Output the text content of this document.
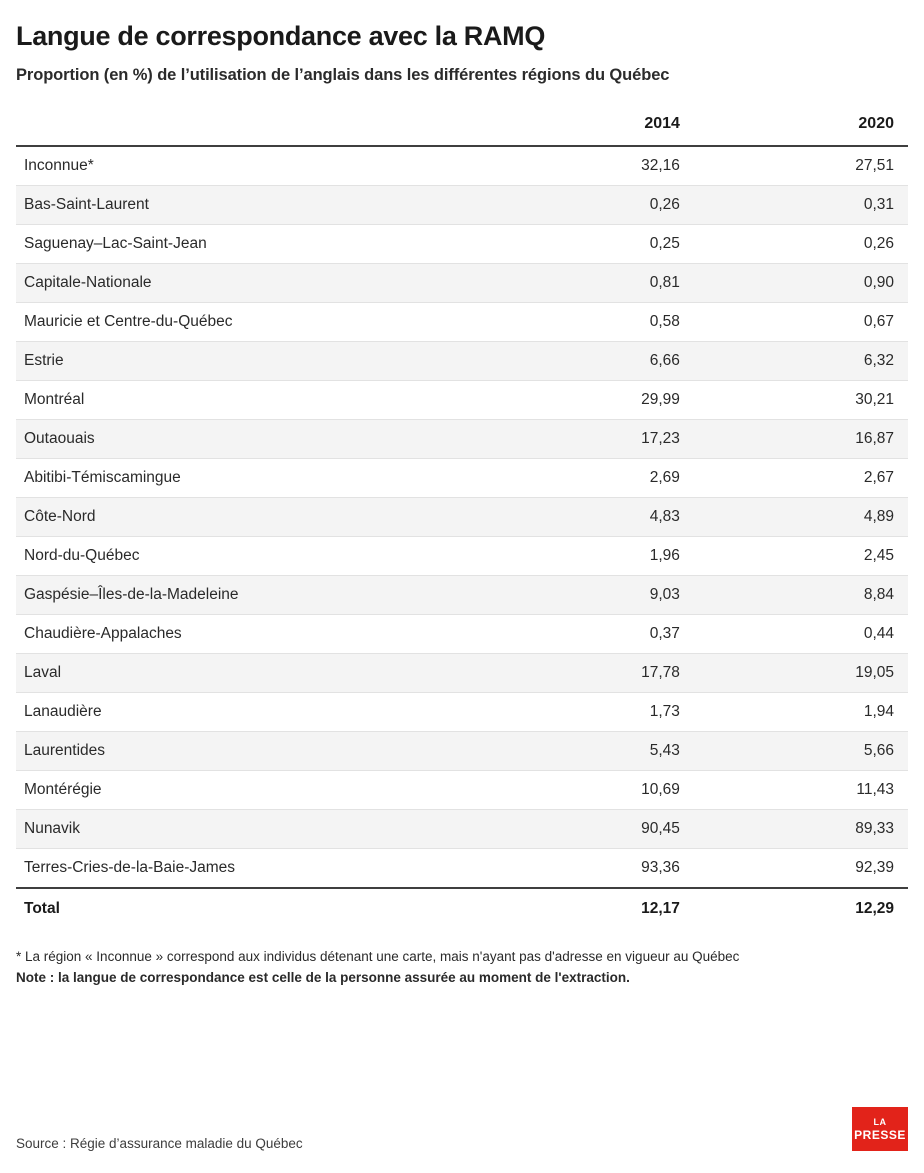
Langue de correspondance avec la RAMQ
Proportion (en %) de l’utilisation de l’anglais dans les différentes régions du Québec
	2014	2020
Inconnue*	32,16	27,51
Bas-Saint-Laurent	0,26	0,31
Saguenay–Lac-Saint-Jean	0,25	0,26
Capitale-Nationale	0,81	0,90
Mauricie et Centre-du-Québec	0,58	0,67
Estrie	6,66	6,32
Montréal	29,99	30,21
Outaouais	17,23	16,87
Abitibi-Témiscamingue	2,69	2,67
Côte-Nord	4,83	4,89
Nord-du-Québec	1,96	2,45
Gaspésie–Îles-de-la-Madeleine	9,03	8,84
Chaudière-Appalaches	0,37	0,44
Laval	17,78	19,05
Lanaudière	1,73	1,94
Laurentides	5,43	5,66
Montérégie	10,69	11,43
Nunavik	90,45	89,33
Terres-Cries-de-la-Baie-James	93,36	92,39
Total	12,17	12,29
* La région « Inconnue » correspond aux individus détenant une carte, mais n'ayant pas d'adresse en vigueur au Québec
Note : la langue de correspondance est celle de la personne assurée au moment de l'extraction.
Source : Régie d’assurance maladie du Québec
LA
PRESSE
